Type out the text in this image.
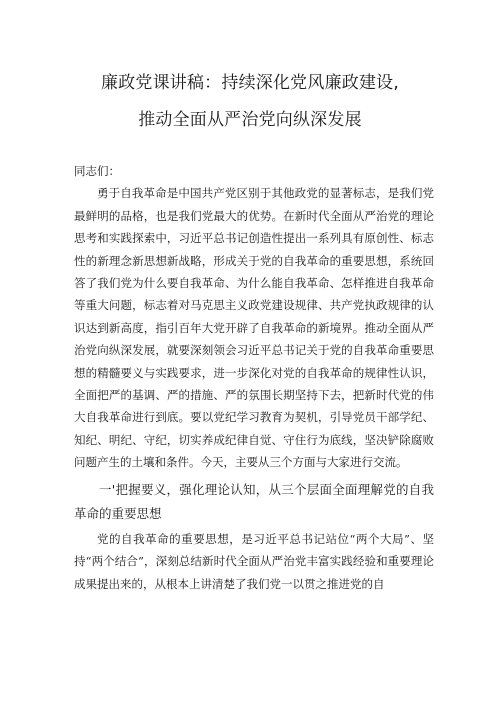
廉政党课讲稿：持续深化党风廉政建设,
推动全面从严治党向纵深发展

同志们：

勇于自我革命是中国共产党区别于其他政党的显著标志，是我们党最鲜明的品格，也是我们党最大的优势。在新时代全面从严治党的理论思考和实践探索中，习近平总书记创造性提出一系列具有原创性、标志性的新理念新思想新战略，形成关于党的自我革命的重要思想，系统回答了我们党为什么要自我革命、为什么能自我革命、怎样推进自我革命等重大问题，标志着对马克思主义政党建设规律、共产党执政规律的认识达到新高度，指引百年大党开辟了自我革命的新境界。推动全面从严治党向纵深发展，就要深刻领会习近平总书记关于党的自我革命重要思想的精髓要义与实践要求，进一步深化对党的自我革命的规律性认识，全面把严的基调、严的措施、严的氛围长期坚持下去，把新时代党的伟大自我革命进行到底。要以党纪学习教育为契机，引导党员干部学纪、知纪、明纪、守纪，切实养成纪律自觉、守住行为底线，坚决铲除腐败问题产生的土壤和条件。今天，主要从三个方面与大家进行交流。

一'把握要义，强化理论认知，从三个层面全面理解党的自我革命的重要思想

党的自我革命的重要思想，是习近平总书记站位“两个大局”、坚持“两个结合”，深刻总结新时代全面从严治党丰富实践经验和重要理论成果提出来的，从根本上讲清楚了我们党一以贯之推进党的自
